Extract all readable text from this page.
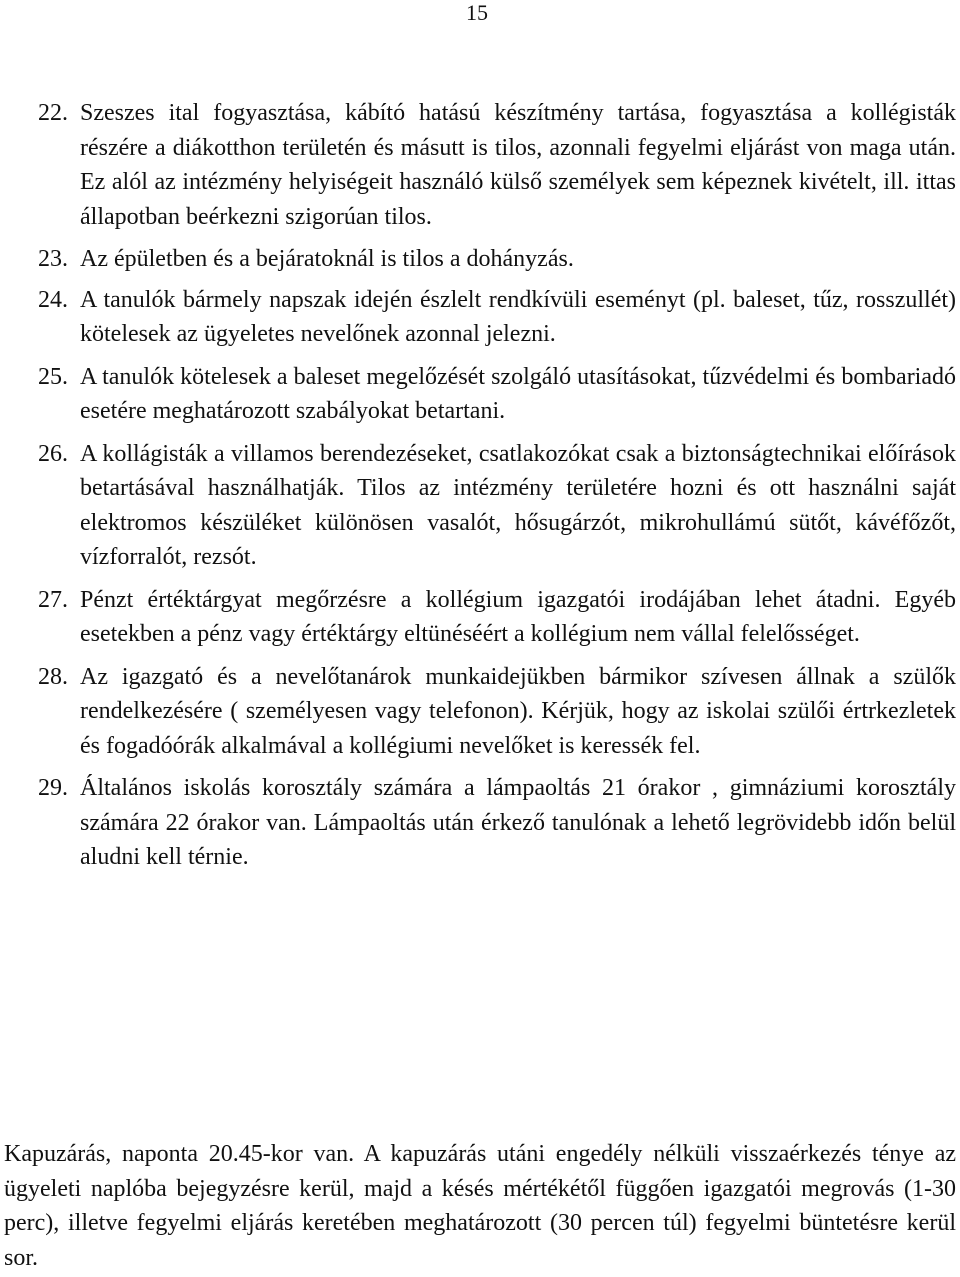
15
22. Szeszes ital fogyasztása, kábító hatású készítmény tartása, fogyasztása a kollégisták részére a diákotthon területén és másutt is tilos, azonnali fegyelmi eljárást von maga után. Ez alól az intézmény helyiségeit használó külső személyek sem képeznek kivételt, ill. ittas állapotban beérkezni szigorúan tilos.
23. Az épületben és a bejáratoknál is tilos a dohányzás.
24. A tanulók bármely napszak idején észlelt rendkívüli eseményt (pl. baleset, tűz, rosszullét) kötelesek az ügyeletes nevelőnek azonnal jelezni.
25. A tanulók kötelesek a baleset megelőzését szolgáló utasításokat, tűzvédelmi és bombariadó esetére meghatározott szabályokat betartani.
26. A kollágisták a villamos berendezéseket, csatlakozókat csak a biztonságtechnikai előírások betartásával használhatják. Tilos az intézmény területére hozni és ott használni saját elektromos készüléket különösen vasalót, hősugárzót, mikrohullámú sütőt, kávéfőzőt, vízforralót, rezsót.
27. Pénzt értéktárgyat megőrzésre a kollégium igazgatói irodájában lehet átadni. Egyéb esetekben a pénz vagy értéktárgy eltünéséért a kollégium nem vállal felelősséget.
28. Az igazgató és a nevelőtanárok munkaidejükben bármikor szívesen állnak a szülők rendelkezésére ( személyesen vagy telefonon). Kérjük, hogy az iskolai szülői értrkezletek és fogadóórák alkalmával a kollégiumi nevelőket is keressék fel.
29. Általános iskolás korosztály számára a lámpaoltás 21 órakor , gimnáziumi korosztály számára 22 órakor van. Lámpaoltás után érkező tanulónak a lehető legrövidebb időn belül aludni kell térnie.
Kapuzárás, naponta 20.45-kor van. A kapuzárás utáni engedély nélküli visszaérkezés ténye az ügyeleti naplóba bejegyzésre kerül, majd a késés mértékétől függően igazgatói megrovás (1-30 perc), illetve fegyelmi eljárás keretében meghatározott (30 percen túl) fegyelmi büntetésre kerül sor.
